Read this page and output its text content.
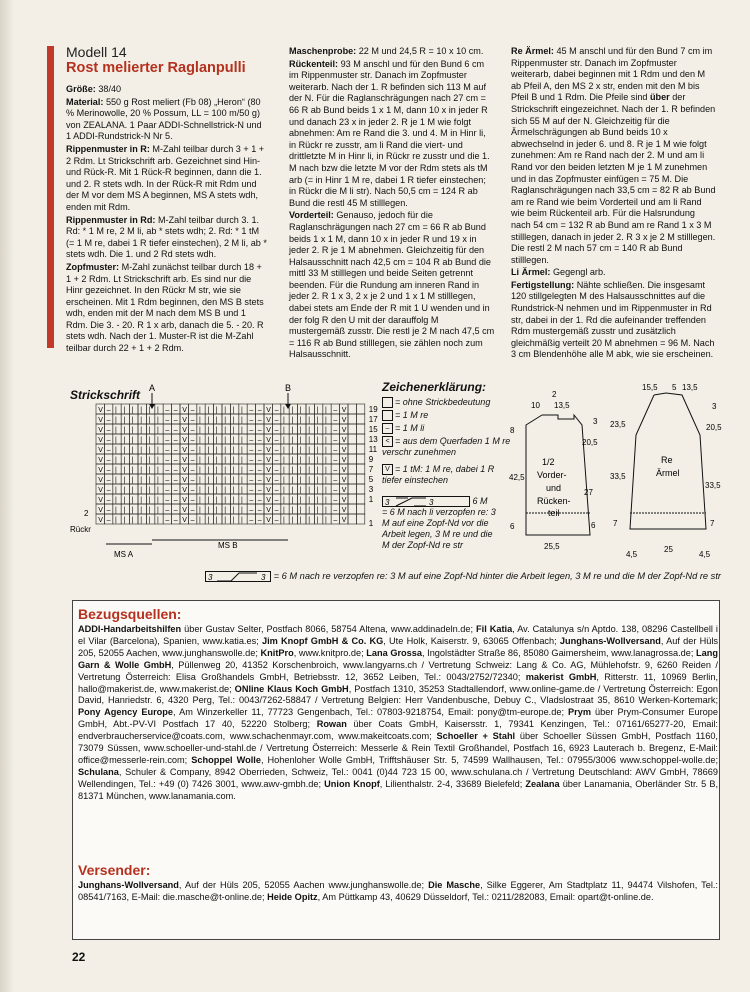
Modell 14
Rost melierter Raglanpulli

Größe: 38/40

Material: 550 g Rost meliert (Fb 08) „Heron“ (80 % Merinowolle, 20 % Possum, LL = 100 m/50 g) von ZEALANA. 1 Paar ADDI-Schnellstrick-N und 1 ADDI-Rundstrick-N Nr 5.

Rippenmuster in R: M-Zahl teilbar durch 3 + 1 + 2 Rdm. Lt Strickschrift arb. Gezeichnet sind Hin- und Rück-R. Mit 1 Rück-R beginnen, dann die 1. und 2. R stets wdh. In der Rück-R mit Rdm und der M vor dem MS A beginnen, MS A stets wdh, enden mit Rdm.

Rippenmuster in Rd: M-Zahl teilbar durch 3. 1. Rd: * 1 M re, 2 M li, ab * stets wdh; 2. Rd: * 1 tM (= 1 M re, dabei 1 R tiefer einstechen), 2 M li, ab * stets wdh. Die 1. und 2 Rd stets wdh.

Zopfmuster: M-Zahl zunächst teilbar durch 18 + 1 + 2 Rdm. Lt Strickschrift arb. Es sind nur die Hinr gezeichnet. In den Rückr M str, wie sie erscheinen. Mit 1 Rdm beginnen, den MS B stets wdh, enden mit der M nach dem MS B und 1 Rdm. Die 3. - 20. R 1 x arb, danach die 5. - 20. R stets wdh. Nach der 1. Muster-R ist die M-Zahl teilbar durch 22 + 1 + 2 Rdm.

Maschenprobe: 22 M und 24,5 R = 10 x 10 cm.

Rückenteil: 93 M anschl und für den Bund 6 cm im Rippenmuster str. Danach im Zopfmuster weiterarb. Nach der 1. R befinden sich 113 M auf der N. Für die Raglanschrägungen nach 27 cm = 66 R ab Bund beids 1 x 1 M, dann 10 x in jeder R und danach 23 x in jeder 2. R je 1 M wie folgt abnehmen: Am re Rand die 3. und 4. M in Hinr li, in Rückr re zusstr, am li Rand die viert- und drittletzte M in Hinr li, in Rückr re zusstr und die 1. M nach bzw die letzte M vor der Rdm stets als tM arb (= in Hinr 1 M re, dabei 1 R tiefer einstechen; in Rückr die M li str). Nach 50,5 cm = 124 R ab Bund die restl 45 M stilllegen.

Vorderteil: Genauso, jedoch für die Raglanschrägungen nach 27 cm = 66 R ab Bund beids 1 x 1 M, dann 10 x in jeder R und 19 x in jeder 2. R je 1 M abnehmen. Gleichzeitig für den Halsausschnitt nach 42,5 cm = 104 R ab Bund die mittl 33 M stilllegen und beide Seiten getrennt beenden. Für die Rundung am inneren Rand in jeder 2. R 1 x 3, 2 x je 2 und 1 x 1 M stilllegen, dabei stets am Ende der R mit 1 U wenden und in der folg R den U mit der darauffolg M mustergemäß zusstr. Die restl je 2 M nach 47,5 cm = 116 R ab Bund stilllegen, sie zählen noch zum Halsausschnitt.

Re Ärmel: 45 M anschl und für den Bund 7 cm im Rippenmuster str. Danach im Zopfmuster weiterarb, dabei beginnen mit 1 Rdm und den M ab Pfeil A, den MS 2 x str, enden mit den M bis Pfeil B und 1 Rdm. Die Pfeile sind über der Strickschrift eingezeichnet. Nach der 1. R befinden sich 55 M auf der N. Gleichzeitig für die Ärmelschrägungen ab Bund beids 10 x abwechselnd in jeder 6. und 8. R je 1 M wie folgt zunehmen: Am re Rand nach der 2. M und am li Rand vor den beiden letzten M je 1 M zunehmen und in das Zopfmuster einfügen = 75 M. Die Raglanschrägungen nach 33,5 cm = 82 R ab Bund am re Rand wie beim Vorderteil und am li Rand wie beim Rückenteil arb. Für die Halsrundung nach 54 cm = 132 R ab Bund am re Rand 1 x 3 M stilllegen, danach in jeder 2. R 3 x je 2 M stilllegen. Die restl 2 M nach 57 cm = 140 R ab Bund stilllegen.

Li Ärmel: Gegengl arb.

Fertigstellung: Nähte schließen. Die insgesamt 120 stillgelegten M des Halsausschnittes auf die Rundstrick-N nehmen und im Rippenmuster in Rd str, dabei in der 1. Rd die aufeinander treffenden Rdm mustergemäß zusstr und zusätzlich gleichmäßig verteilt 20 M abnehmen = 96 M. Nach 3 cm Blendenhöhe alle M abk, wie sie erscheinen.

Strickschrift
V – | | | | | | – – V – | | | | | | – – V – | | | | | | – V
V – | | | | | | – – V – | | | | | | – – V – | | | | | | – V
V – | | | | | | – – V – | | | | | | – – V – | | | | | | – V
V – | | | | | | – – V – | | | | | | – – V – | | | | | | – V
V – | | | | | | – – V – | | | | | | – – V – | | | | | | – V
V – | | | | | | – – V – | | | | | | – – V – | | | | | | – V
V – | | | | | | – – V – | | | | | | – – V – | | | | | | – V
V – | | | | | | – – V – | | | | | | – – V – | | | | | | – V
V – | | | | | | – – V – | | | | | | – – V – | | | | | | – V
V – | | | | | | – – V – | | | | | | – – V – | | | | | | – V
V – | | | | | | – – V – | | | | | | – – V – | | | | | | – V
V – | | | | | | – – V – | | | | | | – – V – | | | | | | – V
A	B
Rückr
MS A
MS B
19
17
15
13
11
9
7
5
3
1
2
1
Zeichenerklärung:
= ohne Strickbedeutung
= 1 M re
– = 1 M li
< = aus dem Querfaden 1 M re verschr zunehmen
V = 1 tM: 1 M re, dabei 1 R tiefer einstechen
3	3	6 M
= 6 M nach li verzopfen re: 3 M auf eine Zopf-Nd vor die Arbeit legen, 3 M re und die M der Zopf-Nd re str
1/2
Vorder-
und
Rücken-
teil
10 13,5
2
3
8
20,5
42,5
27
6	6
25,5
Re
Ärmel
15,5 5 13,5
3
23,5	20,5
33,5
33,5
7	7
4,5
25
4,5
3	3 = 6 M nach re verzopfen re: 3 M auf eine Zopf-Nd hinter die Arbeit legen, 3 M re und die M der Zopf-Nd re str
Bezugsquellen:
ADDI-Handarbeitshilfen über Gustav Selter, Postfach 8066, 58754 Altena, www.addinadeln.de; Fil Katia, Av. Catalunya s/n Aptdo. 138, 08296 Castellbell i el Vilar (Barcelona), Spanien, www.katia.es; Jim Knopf GmbH & Co. KG, Ute Holk, Kaiserstr. 9, 63065 Offenbach; Junghans-Wollversand, Auf der Hüls 205, 52055 Aachen, www.junghanswolle.de; KnitPro, www.knitpro.de; Lana Grossa, Ingolstädter Straße 86, 85080 Gaimersheim, www.lanagrossa.de; Lang Garn & Wolle GmbH, Püllenweg 20, 41352 Korschenbroich, www.langyarns.ch / Vertretung Schweiz: Lang & Co. AG, Mühlehofstr. 9, 6260 Reiden / Vertretung Österreich: Elisa Großhandels GmbH, Betriebsstr. 12, 3652 Leiben, Tel.: 0043/2752/72340; makerist GmbH, Ritterstr. 11, 10969 Berlin, hallo@makerist.de, www.makerist.de; ONline Klaus Koch GmbH, Postfach 1310, 35253 Stadtallendorf, www.online-game.de / Vertretung Österreich: Egon David, Hanriedstr. 6, 4320 Perg, Tel.: 0043/7262-58847 / Vertretung Belgien: Herr Vandenbusche, Debuy C., Vladslostraat 35, 8610 Werken-Kortemark; Pony Agency Europe, Am Winzerkeller 11, 77723 Gengenbach, Tel.: 07803-9218754, Email: pony@tm-europe.de; Prym über Prym-Consumer Europe GmbH, Abt.-PV-VI Postfach 17 40, 52220 Stolberg; Rowan über Coats GmbH, Kaisersstr. 1, 79341 Kenzingen, Tel.: 07161/65277-20, Email: endverbraucherservice@coats.com, www.schachenmayr.com, www.makeitcoats.com; Schoeller + Stahl über Schoeller Süssen GmbH, Postfach 1160, 73079 Süssen, www.schoeller-und-stahl.de / Vertretung Österreich: Messerle & Rein Textil Großhandel, Postfach 16, 6923 Lauterach b. Bregenz, E-Mail: office@messerle-rein.com; Schoppel Wolle, Hohenloher Wolle GmbH, Trifftshäuser Str. 5, 74599 Wallhausen, Tel.: 07955/3006 www.schoppel-wolle.de; Schulana, Schuler & Company, 8942 Oberrieden, Schweiz, Tel.: 0041 (0)44 723 15 00, www.schulana.ch / Vertretung Deutschland: AWV GmbH, 78669 Wellendingen, Tel.: +49 (0) 7426 3001, www.awv-gmbh.de; Union Knopf, Lilienthalstr. 2-4, 33689 Bielefeld; Zealana über Lanamania, Oberländer Str. 5 B, 81371 München, www.lanamania.com.
Versender:
Junghans-Wollversand, Auf der Hüls 205, 52055 Aachen www.junghanswolle.de; Die Masche, Silke Eggerer, Am Stadtplatz 11, 94474 Vilshofen, Tel.: 08541/7163, E-Mail: die.masche@t-online.de; Heide Opitz, Am Püttkamp 43, 40629 Düsseldorf, Tel.: 0211/282083, Email: opart@t-online.de.
22
